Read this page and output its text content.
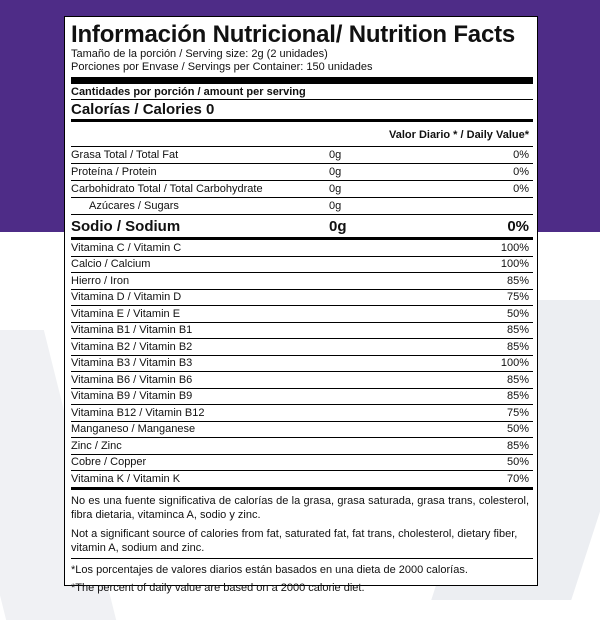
Información Nutricional/ Nutrition Facts
Tamaño de la porción / Serving size: 2g (2 unidades)
Porciones por Envase / Servings per Container: 150 unidades
Cantidades por porción / amount per serving
Calorías / Calories 0
Valor Diario * / Daily Value*
Grasa Total / Total Fat	0g	0%
Proteína / Protein	0g	0%
Carbohidrato Total / Total Carbohydrate	0g	0%
Azúcares / Sugars	0g
Sodio / Sodium	0g	0%
Vitamina C / Vitamin C	100%
Calcio / Calcium	100%
Hierro / Iron	85%
Vitamina D / Vitamin D	75%
Vitamina E / Vitamin E	50%
Vitamina B1 / Vitamin B1	85%
Vitamina B2 / Vitamin B2	85%
Vitamina B3 / Vitamin B3	100%
Vitamina B6 / Vitamin B6	85%
Vitamina B9 / Vitamin B9	85%
Vitamina B12 / Vitamin B12	75%
Manganeso / Manganese	50%
Zinc / Zinc	85%
Cobre / Copper	50%
Vitamina K / Vitamin K	70%
No es una fuente significativa de calorías de la grasa, grasa saturada, grasa trans, colesterol, fibra dietaria, vitaminca A, sodio y zinc.
Not a significant source of calories from fat, saturated fat, fat trans, cholesterol, dietary fiber, vitamin A, sodium and zinc.
*Los porcentajes de valores diarios están basados en una dieta de 2000 calorías.
*The percent of daily value are based on a 2000 calorie diet.
